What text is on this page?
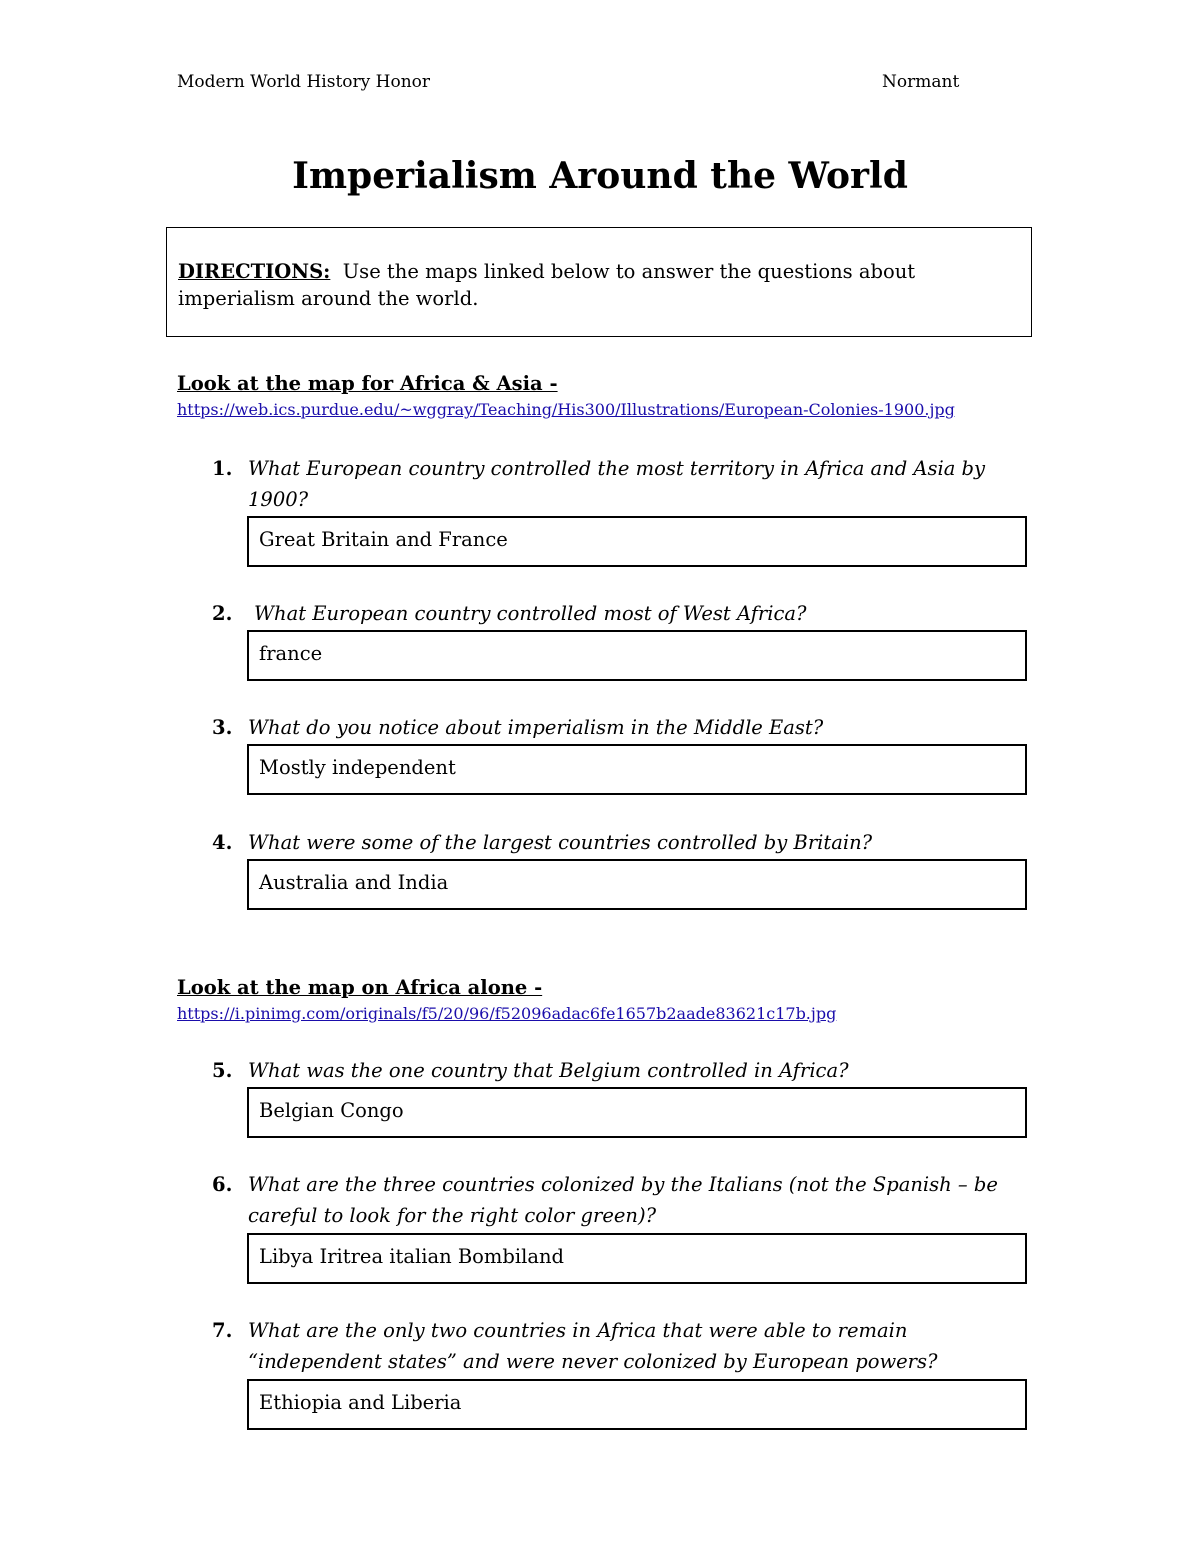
Modern World History Honor	Normant
Imperialism Around the World
DIRECTIONS: Use the maps linked below to answer the questions about imperialism around the world.
Look at the map for Africa & Asia -
https://web.ics.purdue.edu/~wggray/Teaching/His300/Illustrations/European-Colonies-1900.jpg
1. What European country controlled the most territory in Africa and Asia by 1900?
Great Britain and France
2. What European country controlled most of West Africa?
france
3. What do you notice about imperialism in the Middle East?
Mostly independent
4. What were some of the largest countries controlled by Britain?
Australia and India
Look at the map on Africa alone -
https://i.pinimg.com/originals/f5/20/96/f52096adac6fe1657b2aade83621c17b.jpg
5. What was the one country that Belgium controlled in Africa?
Belgian Congo
6. What are the three countries colonized by the Italians (not the Spanish – be careful to look for the right color green)?
Libya Iritrea italian Bombiland
7. What are the only two countries in Africa that were able to remain “independent states” and were never colonized by European powers?
Ethiopia and Liberia
